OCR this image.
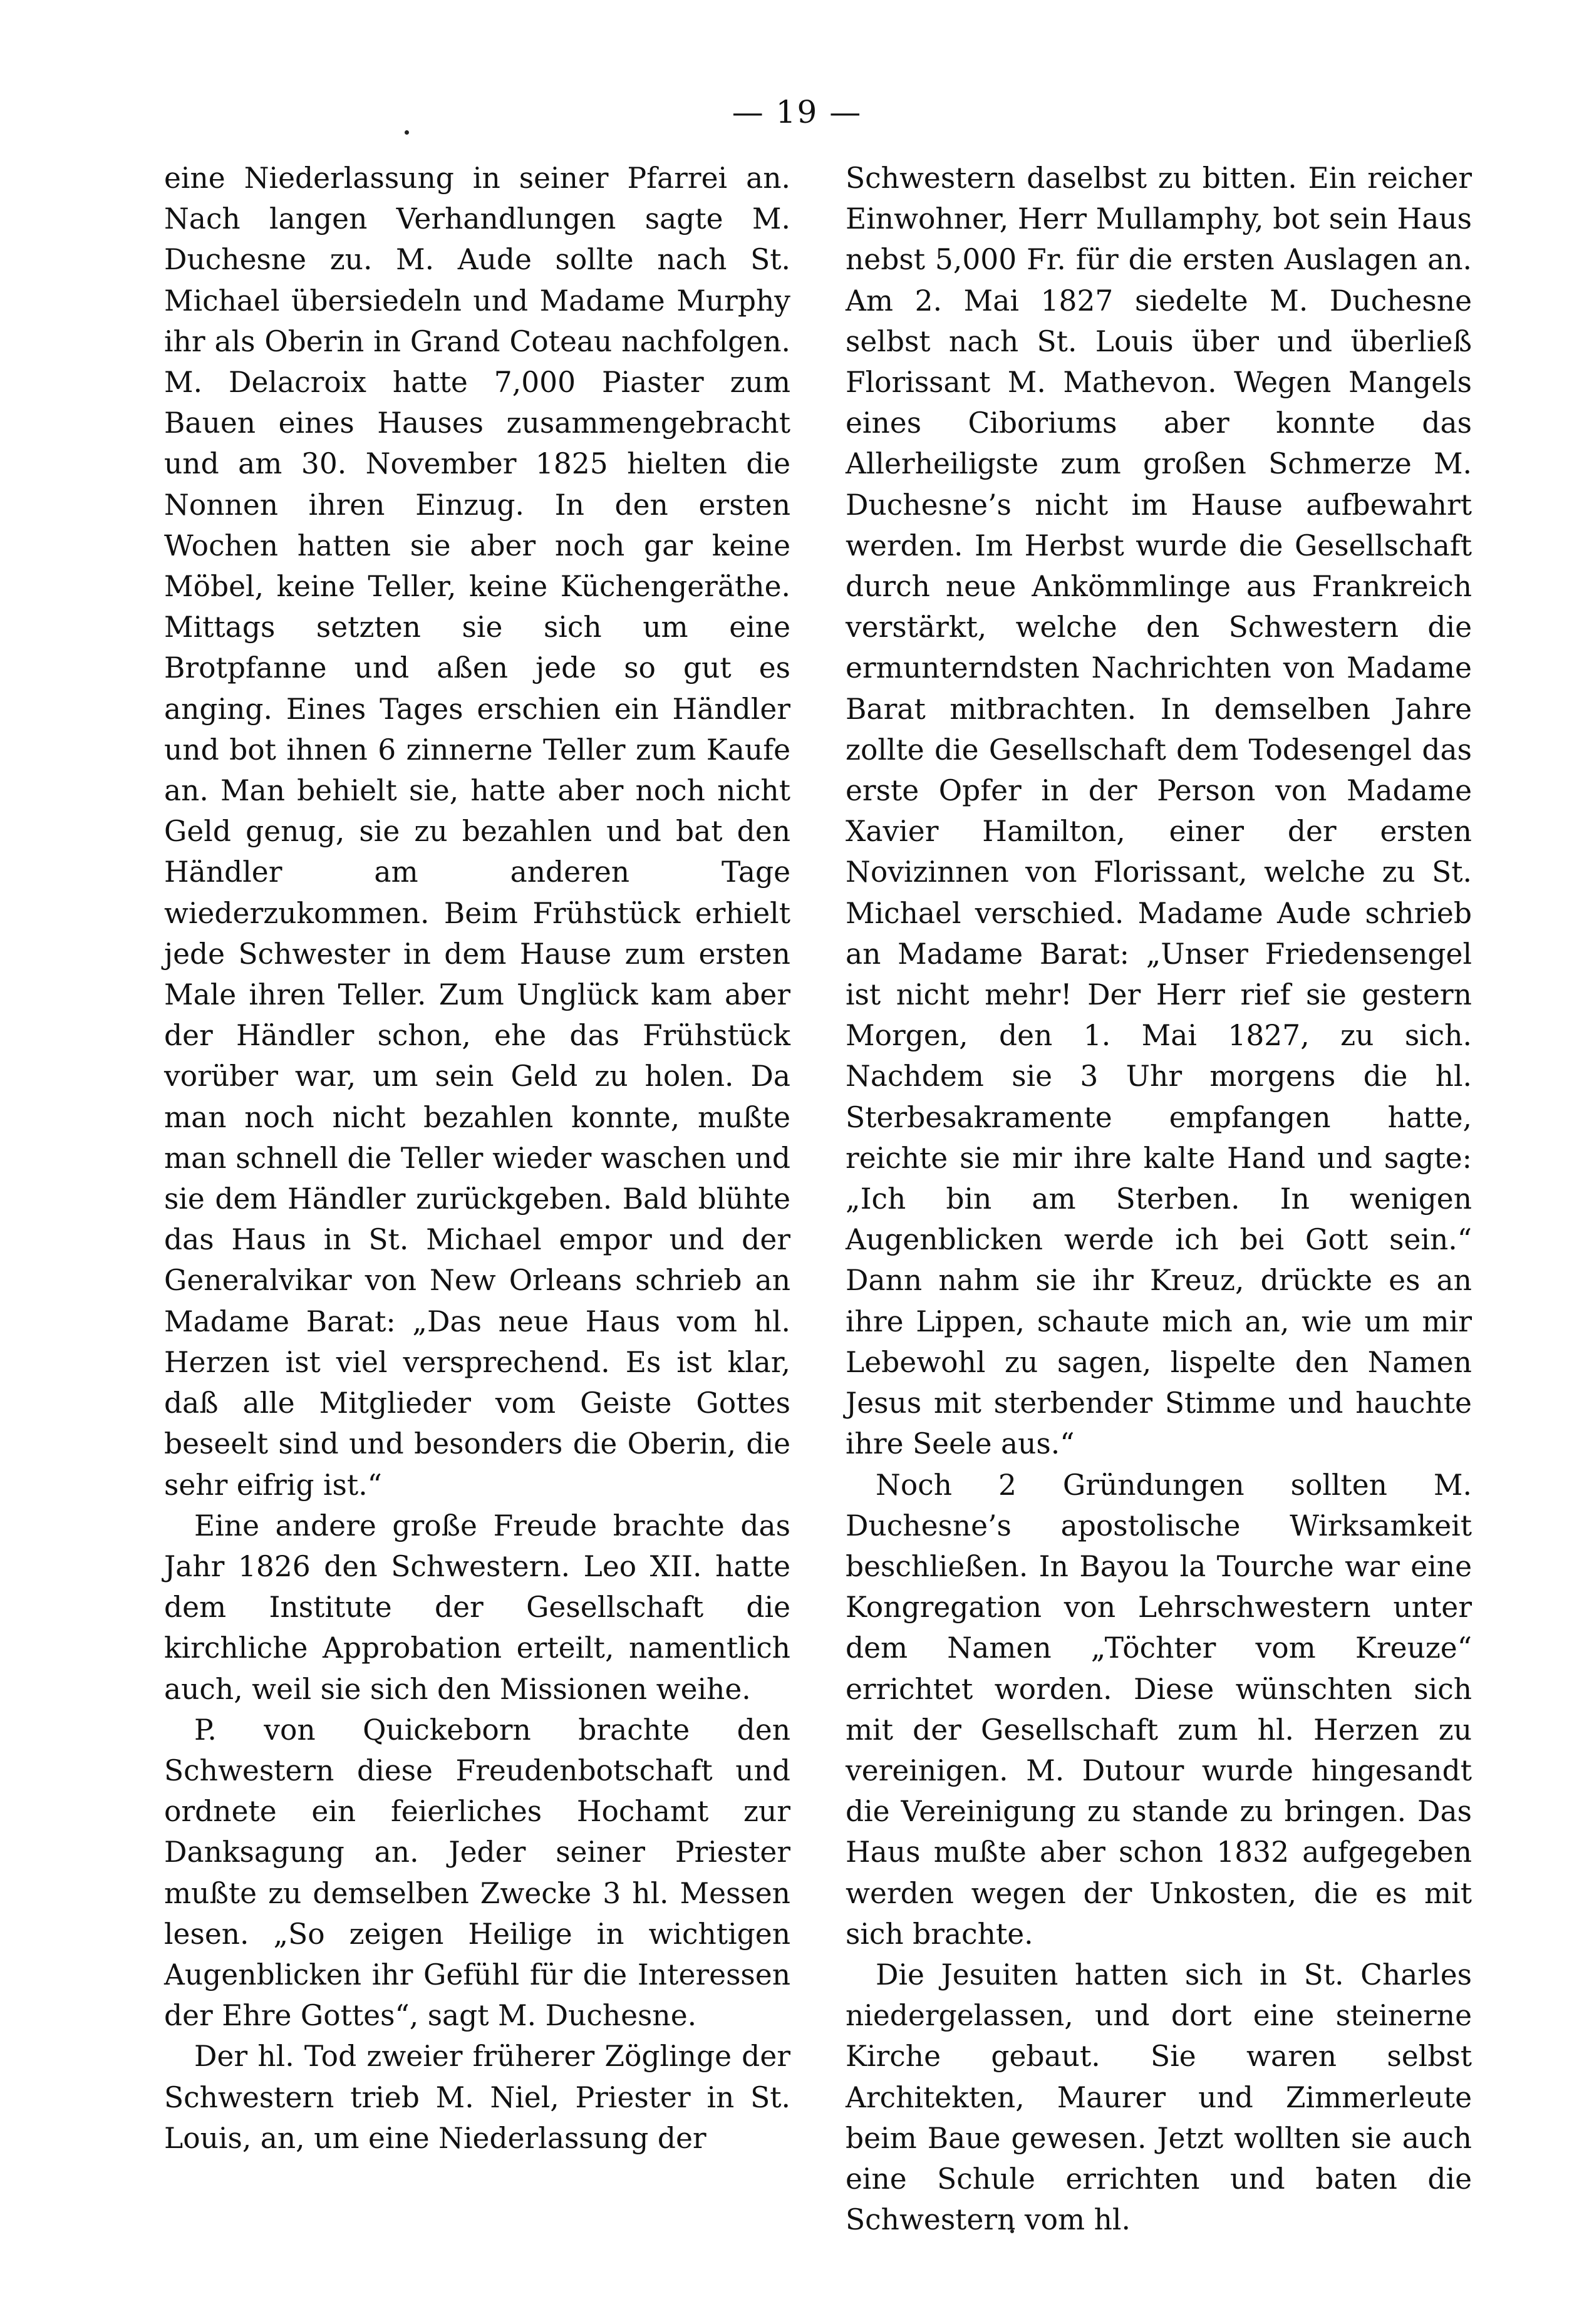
— 19 —

eine Niederlassung in seiner Pfarrei an. Nach langen Verhandlungen sagte M. Duchesne zu. M. Aude sollte nach St. Michael übersiedeln und Madame Murphy ihr als Oberin in Grand Coteau nachfolgen. M. Delacroix hatte 7,000 Piaster zum Bauen eines Hauses zusammengebracht und am 30. November 1825 hielten die Nonnen ihren Einzug. In den ersten Wochen hatten sie aber noch gar keine Möbel, keine Teller, keine Küchengeräthe. Mittags setzten sie sich um eine Brotpfanne und aßen jede so gut es anging. Eines Tages erschien ein Händler und bot ihnen 6 zinnerne Teller zum Kaufe an. Man behielt sie, hatte aber noch nicht Geld genug, sie zu bezahlen und bat den Händler am anderen Tage wiederzukommen. Beim Frühstück erhielt jede Schwester in dem Hause zum ersten Male ihren Teller. Zum Unglück kam aber der Händler schon, ehe das Frühstück vorüber war, um sein Geld zu holen. Da man noch nicht bezahlen konnte, mußte man schnell die Teller wieder waschen und sie dem Händler zurückgeben. Bald blühte das Haus in St. Michael empor und der Generalvikar von New Orleans schrieb an Madame Barat: „Das neue Haus vom hl. Herzen ist viel versprechend. Es ist klar, daß alle Mitglieder vom Geiste Gottes beseelt sind und besonders die Oberin, die sehr eifrig ist.“

Eine andere große Freude brachte das Jahr 1826 den Schwestern. Leo XII. hatte dem Institute der Gesellschaft die kirchliche Approbation erteilt, namentlich auch, weil sie sich den Missionen weihe.

P. von Quickeborn brachte den Schwestern diese Freudenbotschaft und ordnete ein feierliches Hochamt zur Danksagung an. Jeder seiner Priester mußte zu demselben Zwecke 3 hl. Messen lesen. „So zeigen Heilige in wichtigen Augenblicken ihr Gefühl für die Interessen der Ehre Gottes“, sagt M. Duchesne.

Der hl. Tod zweier früherer Zöglinge der Schwestern trieb M. Niel, Priester in St. Louis, an, um eine Niederlassung der

Schwestern daselbst zu bitten. Ein reicher Einwohner, Herr Mullamphy, bot sein Haus nebst 5,000 Fr. für die ersten Auslagen an. Am 2. Mai 1827 siedelte M. Duchesne selbst nach St. Louis über und überließ Florissant M. Mathevon. Wegen Mangels eines Ciboriums aber konnte das Allerheiligste zum großen Schmerze M. Duchesne’s nicht im Hause aufbewahrt werden. Im Herbst wurde die Gesellschaft durch neue Ankömmlinge aus Frankreich verstärkt, welche den Schwestern die ermunterndsten Nachrichten von Madame Barat mitbrachten. In demselben Jahre zollte die Gesellschaft dem Todesengel das erste Opfer in der Person von Madame Xavier Hamilton, einer der ersten Novizinnen von Florissant, welche zu St. Michael verschied. Madame Aude schrieb an Madame Barat: „Unser Friedensengel ist nicht mehr! Der Herr rief sie gestern Morgen, den 1. Mai 1827, zu sich. Nachdem sie 3 Uhr morgens die hl. Sterbesakramente empfangen hatte, reichte sie mir ihre kalte Hand und sagte: „Ich bin am Sterben. In wenigen Augenblicken werde ich bei Gott sein.“ Dann nahm sie ihr Kreuz, drückte es an ihre Lippen, schaute mich an, wie um mir Lebewohl zu sagen, lispelte den Namen Jesus mit sterbender Stimme und hauchte ihre Seele aus.“

Noch 2 Gründungen sollten M. Duchesne’s apostolische Wirksamkeit beschließen. In Bayou la Tourche war eine Kongregation von Lehrschwestern unter dem Namen „Töchter vom Kreuze“ errichtet worden. Diese wünschten sich mit der Gesellschaft zum hl. Herzen zu vereinigen. M. Dutour wurde hingesandt die Vereinigung zu stande zu bringen. Das Haus mußte aber schon 1832 aufgegeben werden wegen der Unkosten, die es mit sich brachte.

Die Jesuiten hatten sich in St. Charles niedergelassen, und dort eine steinerne Kirche gebaut. Sie waren selbst Architekten, Maurer und Zimmerleute beim Baue gewesen. Jetzt wollten sie auch eine Schule errichten und baten die Schwestern vom hl.
